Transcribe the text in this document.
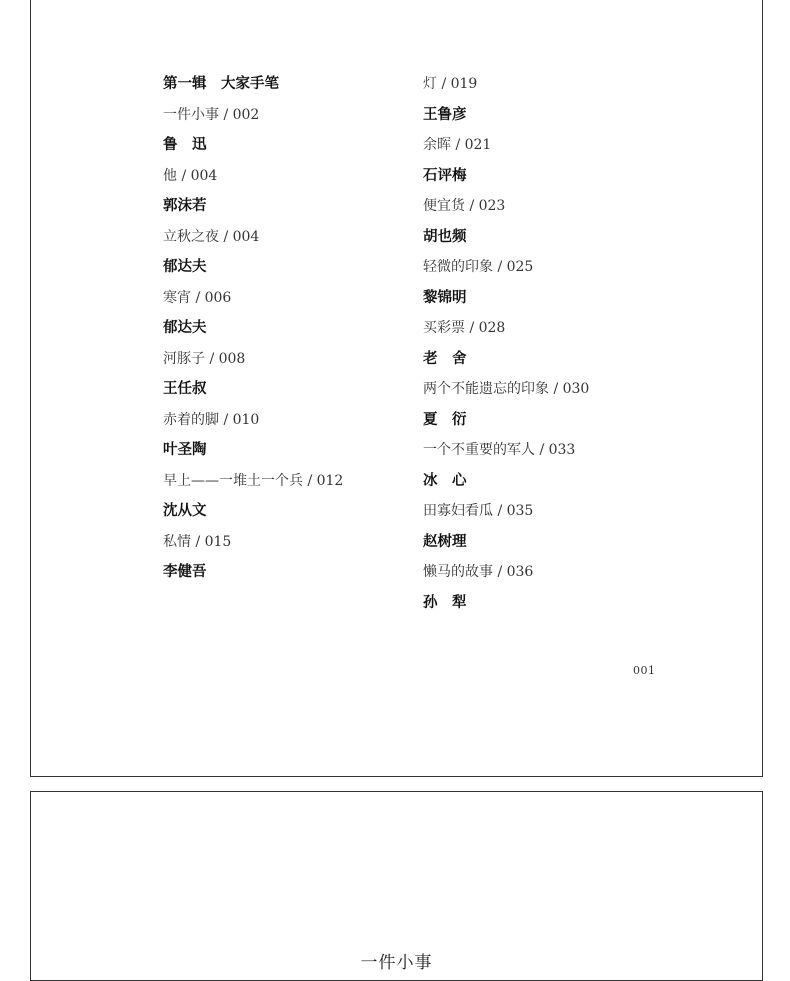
第一辑　大家手笔
一件小事 / 002
鲁　迅
他 / 004
郭沫若
立秋之夜 / 004
郁达夫
寒宵 / 006
郁达夫
河豚子 / 008
王任叔
赤着的脚 / 010
叶圣陶
早上——一堆土一个兵 / 012
沈从文
私情 / 015
李健吾
灯 / 019
王鲁彦
余晖 / 021
石评梅
便宜货 / 023
胡也频
轻微的印象 / 025
黎锦明
买彩票 / 028
老　舍
两个不能遗忘的印象 / 030
夏　衍
一个不重要的军人 / 033
冰　心
田寡妇看瓜 / 035
赵树理
懒马的故事 / 036
孙　犁
001
一件小事
